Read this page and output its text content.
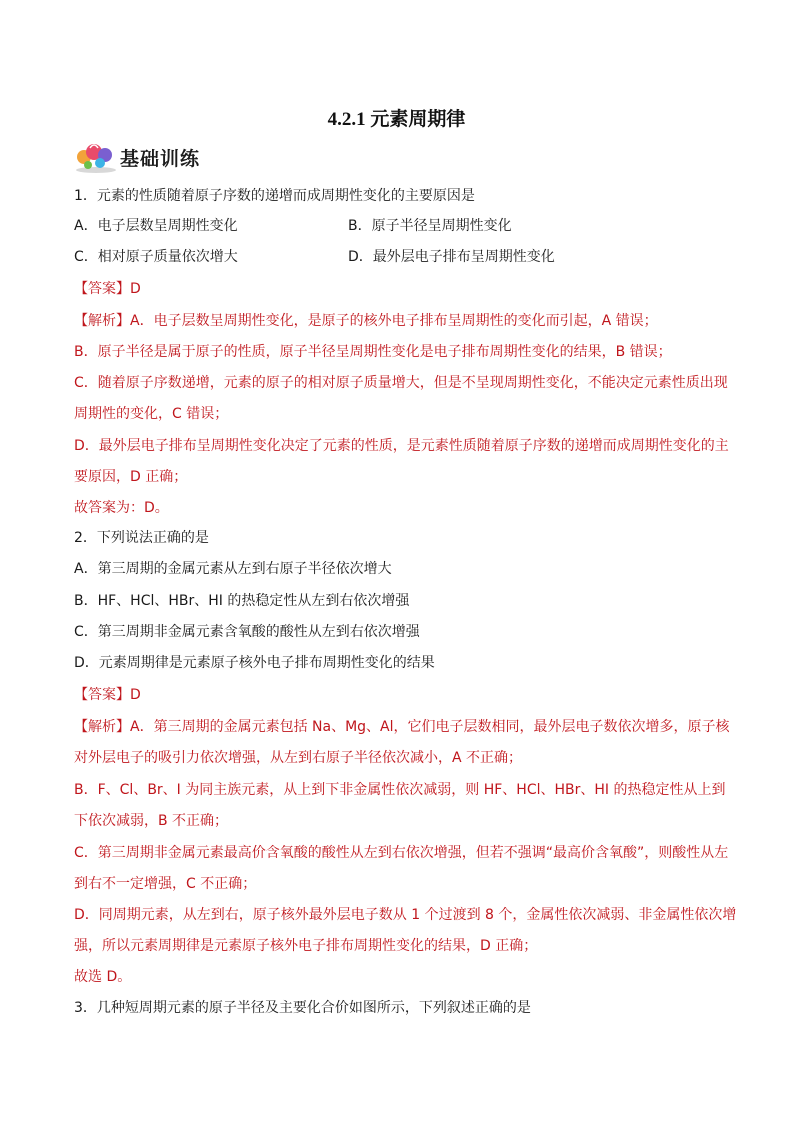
4.2.1 元素周期律
基础训练
1．元素的性质随着原子序数的递增而成周期性变化的主要原因是
A．电子层数呈周期性变化	B．原子半径呈周期性变化
C．相对原子质量依次增大	D．最外层电子排布呈周期性变化
【答案】D
【解析】A．电子层数呈周期性变化，是原子的核外电子排布呈周期性的变化而引起，A 错误；
B．原子半径是属于原子的性质，原子半径呈周期性变化是电子排布周期性变化的结果，B 错误；
C．随着原子序数递增，元素的原子的相对原子质量增大，但是不呈现周期性变化，不能决定元素性质出现
周期性的变化，C 错误；
D．最外层电子排布呈周期性变化决定了元素的性质，是元素性质随着原子序数的递增而成周期性变化的主
要原因，D 正确；
故答案为：D。
2．下列说法正确的是
A．第三周期的金属元素从左到右原子半径依次增大
B．HF、HCl、HBr、HI 的热稳定性从左到右依次增强
C．第三周期非金属元素含氧酸的酸性从左到右依次增强
D．元素周期律是元素原子核外电子排布周期性变化的结果
【答案】D
【解析】A．第三周期的金属元素包括 Na、Mg、Al，它们电子层数相同，最外层电子数依次增多，原子核
对外层电子的吸引力依次增强，从左到右原子半径依次减小，A 不正确；
B．F、Cl、Br、I 为同主族元素，从上到下非金属性依次减弱，则 HF、HCl、HBr、HI 的热稳定性从上到
下依次减弱，B 不正确；
C．第三周期非金属元素最高价含氧酸的酸性从左到右依次增强，但若不强调“最高价含氧酸”，则酸性从左
到右不一定增强，C 不正确；
D．同周期元素，从左到右，原子核外最外层电子数从 1 个过渡到 8 个，金属性依次减弱、非金属性依次增
强，所以元素周期律是元素原子核外电子排布周期性变化的结果，D 正确；
故选 D。
3．几种短周期元素的原子半径及主要化合价如图所示，下列叙述正确的是
